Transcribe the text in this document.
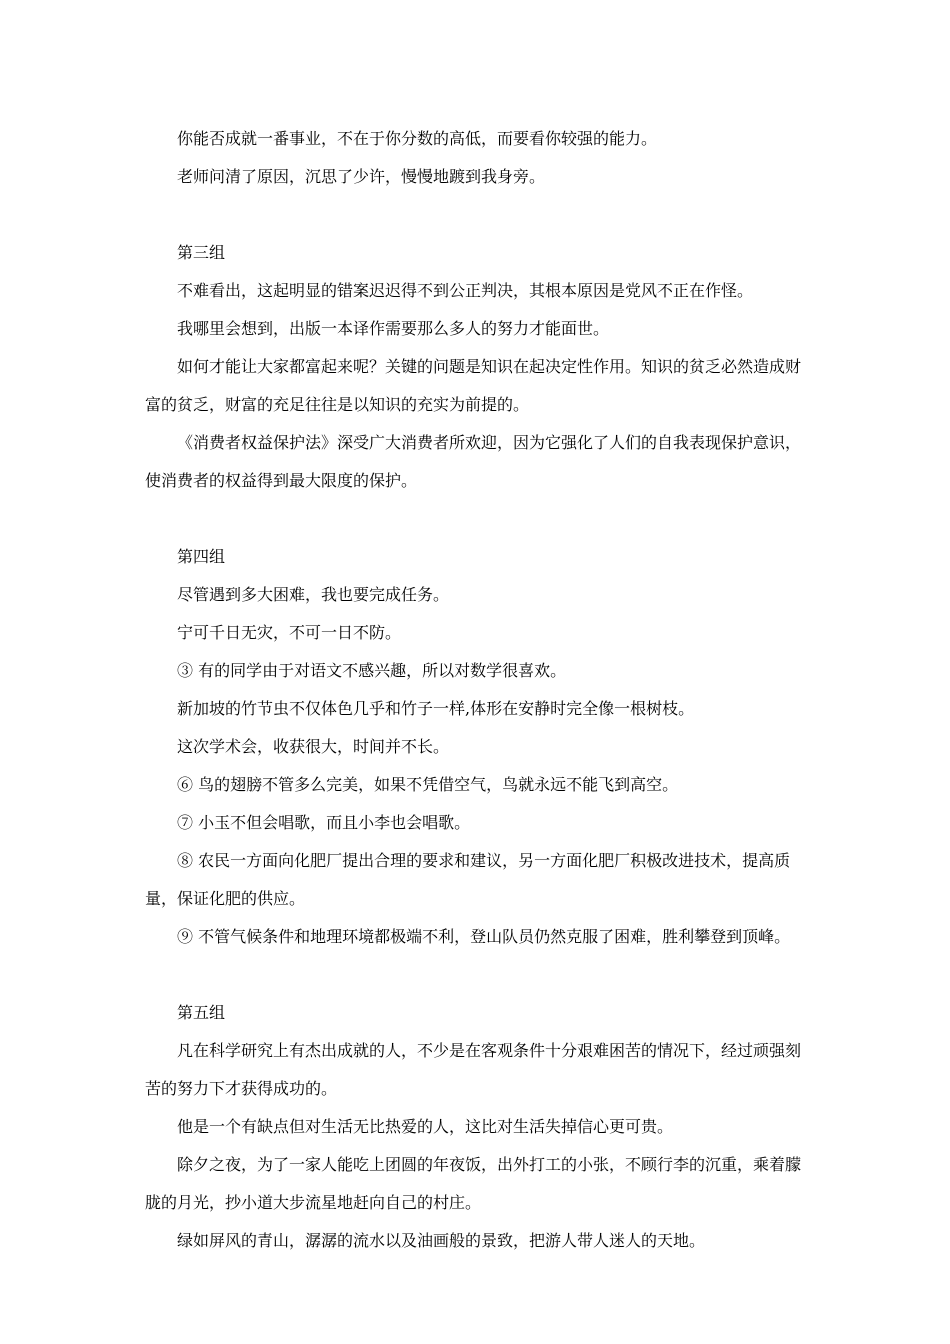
你能否成就一番事业，不在于你分数的高低，而要看你较强的能力。

老师问清了原因，沉思了少许，慢慢地踱到我身旁。

第三组

不难看出，这起明显的错案迟迟得不到公正判决，其根本原因是党风不正在作怪。

我哪里会想到，出版一本译作需要那么多人的努力才能面世。

如何才能让大家都富起来呢？关键的问题是知识在起决定性作用。知识的贫乏必然造成财富的贫乏，财富的充足往往是以知识的充实为前提的。

《消费者权益保护法》深受广大消费者所欢迎，因为它强化了人们的自我表现保护意识，使消费者的权益得到最大限度的保护。

第四组

尽管遇到多大困难，我也要完成任务。

宁可千日无灾，不可一日不防。

③ 有的同学由于对语文不感兴趣，所以对数学很喜欢。

新加坡的竹节虫不仅体色几乎和竹子一样,体形在安静时完全像一根树枝。

这次学术会，收获很大，时间并不长。

⑥ 鸟的翅膀不管多么完美，如果不凭借空气，鸟就永远不能飞到高空。

⑦ 小玉不但会唱歌，而且小李也会唱歌。

⑧ 农民一方面向化肥厂提出合理的要求和建议，另一方面化肥厂积极改进技术，提高质量，保证化肥的供应。

⑨ 不管气候条件和地理环境都极端不利，登山队员仍然克服了困难，胜利攀登到顶峰。

第五组

凡在科学研究上有杰出成就的人，不少是在客观条件十分艰难困苦的情况下，经过顽强刻苦的努力下才获得成功的。

他是一个有缺点但对生活无比热爱的人，这比对生活失掉信心更可贵。

除夕之夜，为了一家人能吃上团圆的年夜饭，出外打工的小张，不顾行李的沉重，乘着朦胧的月光，抄小道大步流星地赶向自己的村庄。

绿如屏风的青山，潺潺的流水以及油画般的景致，把游人带人迷人的天地。
